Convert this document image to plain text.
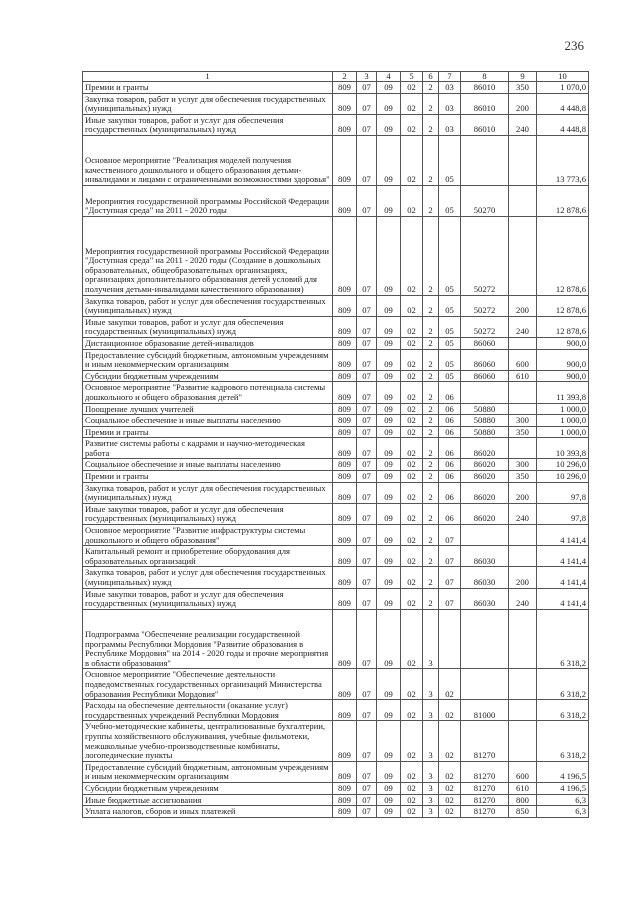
236
1	2	3	4	5	6	7	8	9	10
Премии и гранты	809	07	09	02	2	03	86010	350	1 070,0
Закупка товаров, работ и услуг для обеспечения государственных (муниципальных) нужд	809	07	09	02	2	03	86010	200	4 448,8
Иные закупки товаров, работ и услуг для обеспечения государственных (муниципальных) нужд	809	07	09	02	2	03	86010	240	4 448,8
Основное мероприятие "Реализация моделей получения качественного дошкольного и общего образования детьми-инвалидами и лицами с ограниченными возможностями здоровья"	809	07	09	02	2	05			13 773,6
Мероприятия государственной программы Российской Федерации "Доступная среда" на 2011 - 2020 годы	809	07	09	02	2	05	50270		12 878,6
Мероприятия государственной программы Российской Федерации "Доступная среда" на 2011 - 2020 годы (Создание в дошкольных образовательных, общеобразовательных организациях, организациях дополнительного образования детей условий для получения детьми-инвалидами качественного образования)	809	07	09	02	2	05	50272		12 878,6
Закупка товаров, работ и услуг для обеспечения государственных (муниципальных) нужд	809	07	09	02	2	05	50272	200	12 878,6
Иные закупки товаров, работ и услуг для обеспечения государственных (муниципальных) нужд	809	07	09	02	2	05	50272	240	12 878,6
Дистанционное образование детей-инвалидов	809	07	09	02	2	05	86060		900,0
Предоставление субсидий бюджетным, автономным учреждениям и иным некоммерческим организациям	809	07	09	02	2	05	86060	600	900,0
Субсидии бюджетным учреждениям	809	07	09	02	2	05	86060	610	900,0
Основное мероприятие "Развитие кадрового потенциала системы дошкольного и общего образования детей"	809	07	09	02	2	06			11 393,8
Поощрение лучших учителей	809	07	09	02	2	06	50880		1 000,0
Социальное обеспечение и иные выплаты населению	809	07	09	02	2	06	50880	300	1 000,0
Премии и гранты	809	07	09	02	2	06	50880	350	1 000,0
Развитие системы работы с кадрами и научно-методическая работа	809	07	09	02	2	06	86020		10 393,8
Социальное обеспечение и иные выплаты населению	809	07	09	02	2	06	86020	300	10 296,0
Премии и гранты	809	07	09	02	2	06	86020	350	10 296,0
Закупка товаров, работ и услуг для обеспечения государственных (муниципальных) нужд	809	07	09	02	2	06	86020	200	97,8
Иные закупки товаров, работ и услуг для обеспечения государственных (муниципальных) нужд	809	07	09	02	2	06	86020	240	97,8
Основное мероприятие "Развитие инфраструктуры системы дошкольного и общего образования"	809	07	09	02	2	07			4 141,4
Капитальный ремонт и приобретение оборудования для образовательных организаций	809	07	09	02	2	07	86030		4 141,4
Закупка товаров, работ и услуг для обеспечения государственных (муниципальных) нужд	809	07	09	02	2	07	86030	200	4 141,4
Иные закупки товаров, работ и услуг для обеспечения государственных (муниципальных) нужд	809	07	09	02	2	07	86030	240	4 141,4
Подпрограмма "Обеспечение реализации государственной программы Республики Мордовия "Развитие образования в Республике Мордовия" на 2014 - 2020 годы и прочие мероприятия в области образования"	809	07	09	02	3				6 318,2
Основное мероприятие "Обеспечение деятельности подведомственных государственных организаций Министерства образования Республики Мордовия"	809	07	09	02	3	02			6 318,2
Расходы на обеспечение деятельности (оказание услуг) государственных учреждений Республики Мордовия	809	07	09	02	3	02	81000		6 318,2
Учебно-методические кабинеты, централизованные бухгалтерии, группы хозяйственного обслуживания, учебные фильмотеки, межшкольные учебно-производственные комбинаты, логопедические пункты	809	07	09	02	3	02	81270		6 318,2
Предоставление субсидий бюджетным, автономным учреждениям и иным некоммерческим организациям	809	07	09	02	3	02	81270	600	4 196,5
Субсидии бюджетным учреждениям	809	07	09	02	3	02	81270	610	4 196,5
Иные бюджетные ассигнования	809	07	09	02	3	02	81270	800	6,3
Уплата налогов, сборов и иных платежей	809	07	09	02	3	02	81270	850	6,3
